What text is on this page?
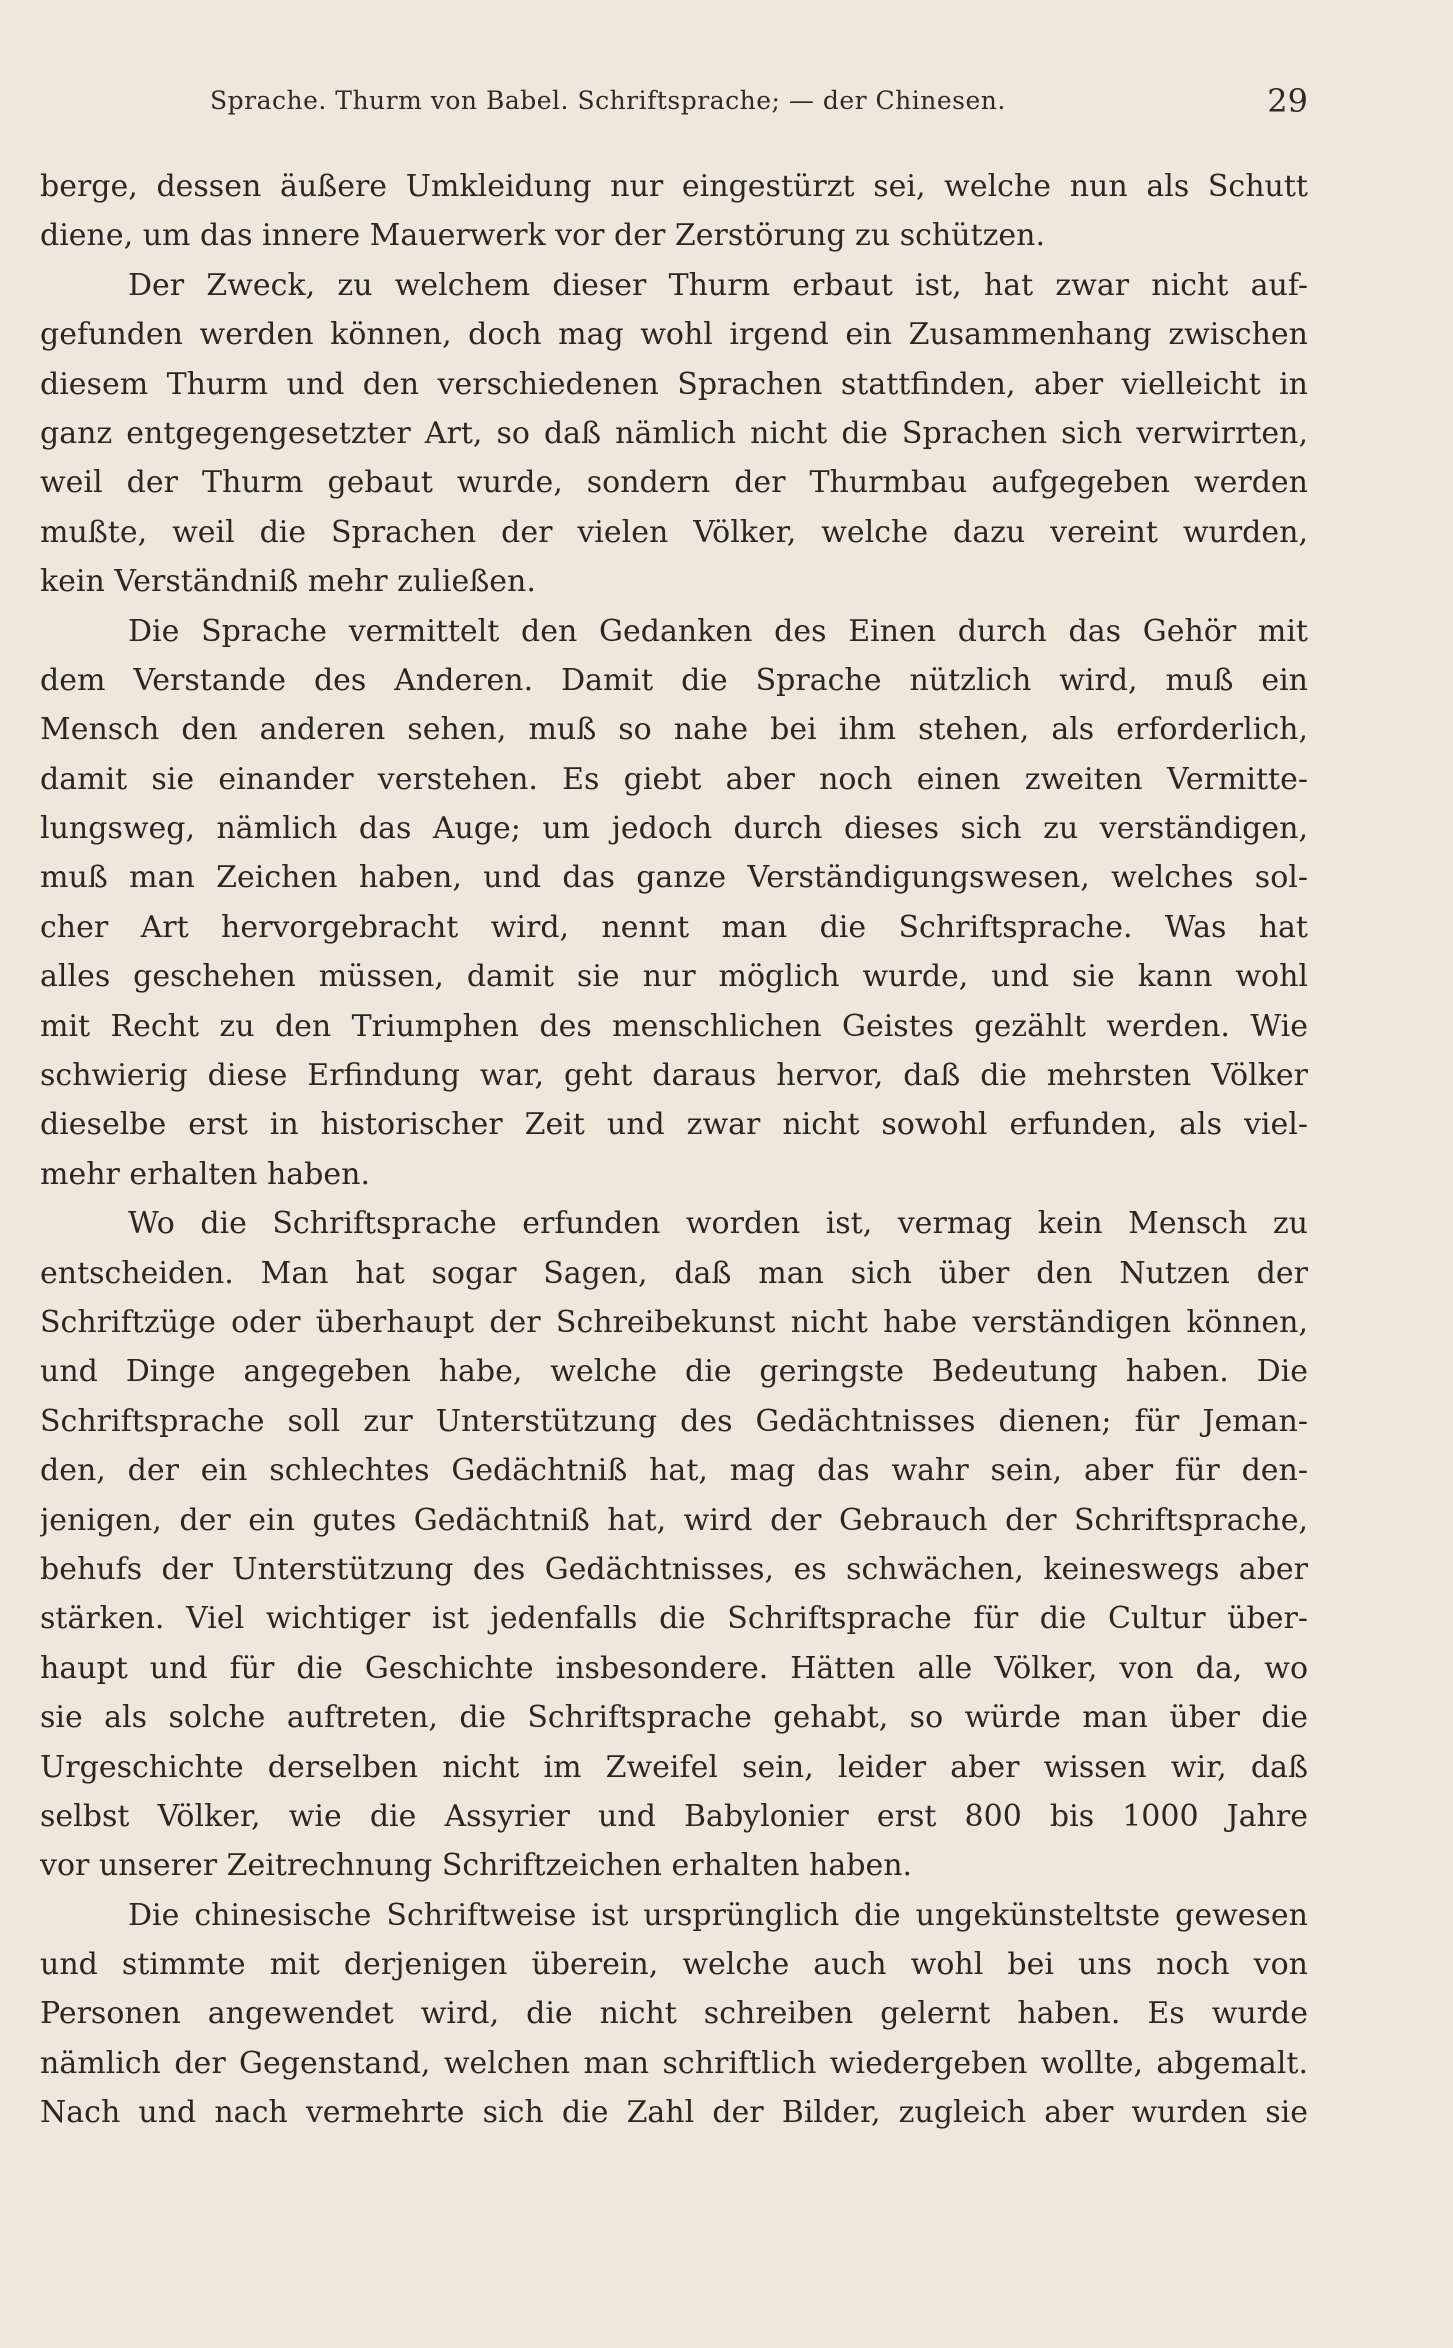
Sprache. Thurm von Babel. Schriftsprache; — der Chinesen.	29
berge, dessen äußere Umkleidung nur eingestürzt sei, welche nun als Schutt
diene, um das innere Mauerwerk vor der Zerstörung zu schützen.
Der Zweck, zu welchem dieser Thurm erbaut ist, hat zwar nicht auf-
gefunden werden können, doch mag wohl irgend ein Zusammenhang zwischen
diesem Thurm und den verschiedenen Sprachen stattfinden, aber vielleicht in
ganz entgegengesetzter Art, so daß nämlich nicht die Sprachen sich verwirrten,
weil der Thurm gebaut wurde, sondern der Thurmbau aufgegeben werden
mußte, weil die Sprachen der vielen Völker, welche dazu vereint wurden,
kein Verständniß mehr zuließen.
Die Sprache vermittelt den Gedanken des Einen durch das Gehör mit
dem Verstande des Anderen. Damit die Sprache nützlich wird, muß ein
Mensch den anderen sehen, muß so nahe bei ihm stehen, als erforderlich,
damit sie einander verstehen. Es giebt aber noch einen zweiten Vermitte-
lungsweg, nämlich das Auge; um jedoch durch dieses sich zu verständigen,
muß man Zeichen haben, und das ganze Verständigungswesen, welches sol-
cher Art hervorgebracht wird, nennt man die Schriftsprache. Was hat
alles geschehen müssen, damit sie nur möglich wurde, und sie kann wohl
mit Recht zu den Triumphen des menschlichen Geistes gezählt werden. Wie
schwierig diese Erfindung war, geht daraus hervor, daß die mehrsten Völker
dieselbe erst in historischer Zeit und zwar nicht sowohl erfunden, als viel-
mehr erhalten haben.
Wo die Schriftsprache erfunden worden ist, vermag kein Mensch zu
entscheiden. Man hat sogar Sagen, daß man sich über den Nutzen der
Schriftzüge oder überhaupt der Schreibekunst nicht habe verständigen können,
und Dinge angegeben habe, welche die geringste Bedeutung haben. Die
Schriftsprache soll zur Unterstützung des Gedächtnisses dienen; für Jeman-
den, der ein schlechtes Gedächtniß hat, mag das wahr sein, aber für den-
jenigen, der ein gutes Gedächtniß hat, wird der Gebrauch der Schriftsprache,
behufs der Unterstützung des Gedächtnisses, es schwächen, keineswegs aber
stärken. Viel wichtiger ist jedenfalls die Schriftsprache für die Cultur über-
haupt und für die Geschichte insbesondere. Hätten alle Völker, von da, wo
sie als solche auftreten, die Schriftsprache gehabt, so würde man über die
Urgeschichte derselben nicht im Zweifel sein, leider aber wissen wir, daß
selbst Völker, wie die Assyrier und Babylonier erst 800 bis 1000 Jahre
vor unserer Zeitrechnung Schriftzeichen erhalten haben.
Die chinesische Schriftweise ist ursprünglich die ungekünsteltste gewesen
und stimmte mit derjenigen überein, welche auch wohl bei uns noch von
Personen angewendet wird, die nicht schreiben gelernt haben. Es wurde
nämlich der Gegenstand, welchen man schriftlich wiedergeben wollte, abgemalt.
Nach und nach vermehrte sich die Zahl der Bilder, zugleich aber wurden sie
